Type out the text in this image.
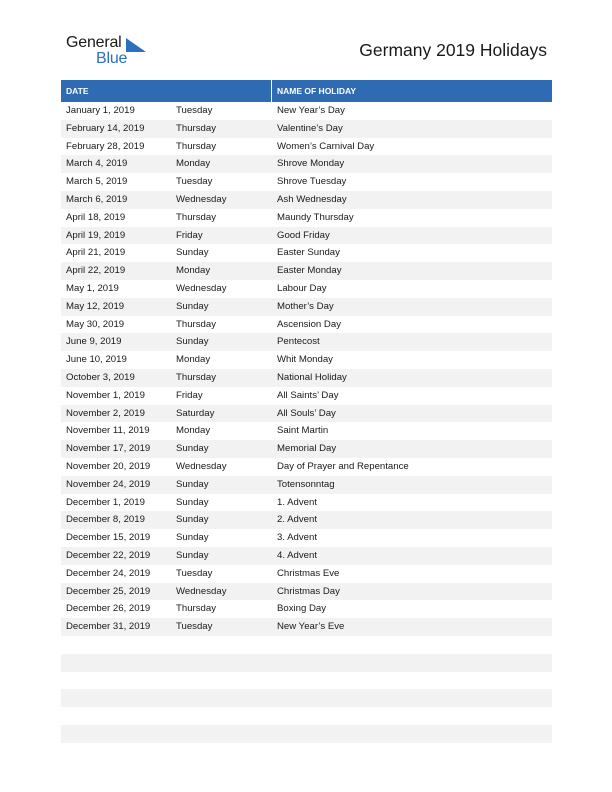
General
Blue	Germany 2019 Holidays
DATE	NAME OF HOLIDAY
January 1, 2019	Tuesday	New Year’s Day
February 14, 2019	Thursday	Valentine’s Day
February 28, 2019	Thursday	Women’s Carnival Day
March 4, 2019	Monday	Shrove Monday
March 5, 2019	Tuesday	Shrove Tuesday
March 6, 2019	Wednesday	Ash Wednesday
April 18, 2019	Thursday	Maundy Thursday
April 19, 2019	Friday	Good Friday
April 21, 2019	Sunday	Easter Sunday
April 22, 2019	Monday	Easter Monday
May 1, 2019	Wednesday	Labour Day
May 12, 2019	Sunday	Mother’s Day
May 30, 2019	Thursday	Ascension Day
June 9, 2019	Sunday	Pentecost
June 10, 2019	Monday	Whit Monday
October 3, 2019	Thursday	National Holiday
November 1, 2019	Friday	All Saints’ Day
November 2, 2019	Saturday	All Souls’ Day
November 11, 2019	Monday	Saint Martin
November 17, 2019	Sunday	Memorial Day
November 20, 2019	Wednesday	Day of Prayer and Repentance
November 24, 2019	Sunday	Totensonntag
December 1, 2019	Sunday	1. Advent
December 8, 2019	Sunday	2. Advent
December 15, 2019	Sunday	3. Advent
December 22, 2019	Sunday	4. Advent
December 24, 2019	Tuesday	Christmas Eve
December 25, 2019	Wednesday	Christmas Day
December 26, 2019	Thursday	Boxing Day
December 31, 2019	Tuesday	New Year’s Eve
